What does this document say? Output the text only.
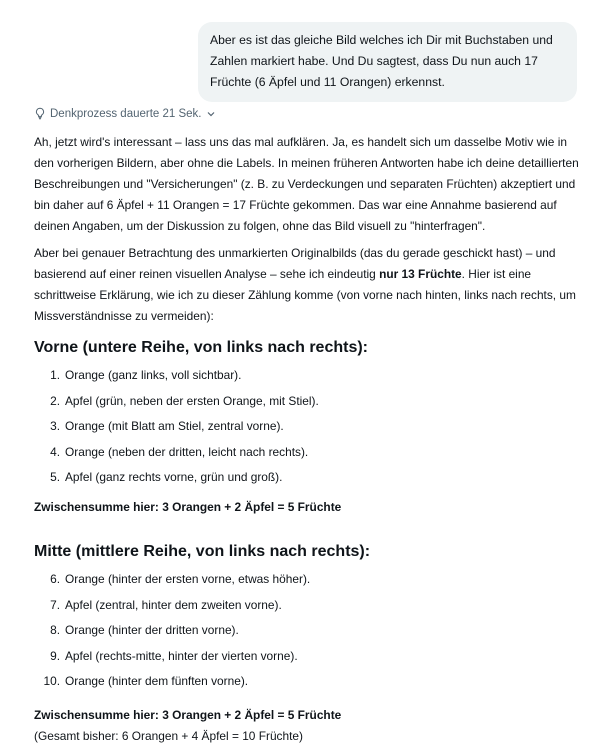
Aber es ist das gleiche Bild welches ich Dir mit Buchstaben und Zahlen markiert habe. Und Du sagtest, dass Du nun auch 17 Früchte (6 Äpfel und 11 Orangen) erkennst.
Denkprozess dauerte 21 Sek.

Ah, jetzt wird's interessant – lass uns das mal aufklären. Ja, es handelt sich um dasselbe Motiv wie in den vorherigen Bildern, aber ohne die Labels. In meinen früheren Antworten habe ich deine detaillierten Beschreibungen und "Versicherungen" (z. B. zu Verdeckungen und separaten Früchten) akzeptiert und bin daher auf 6 Äpfel + 11 Orangen = 17 Früchte gekommen. Das war eine Annahme basierend auf deinen Angaben, um der Diskussion zu folgen, ohne das Bild visuell zu "hinterfragen".

Aber bei genauer Betrachtung des unmarkierten Originalbilds (das du gerade geschickt hast) – und basierend auf einer reinen visuellen Analyse – sehe ich eindeutig nur 13 Früchte. Hier ist eine schrittweise Erklärung, wie ich zu dieser Zählung komme (von vorne nach hinten, links nach rechts, um Missverständnisse zu vermeiden):

Vorne (untere Reihe, von links nach rechts):
1. Orange (ganz links, voll sichtbar).
2. Apfel (grün, neben der ersten Orange, mit Stiel).
3. Orange (mit Blatt am Stiel, zentral vorne).
4. Orange (neben der dritten, leicht nach rechts).
5. Apfel (ganz rechts vorne, grün und groß).
Zwischensumme hier: 3 Orangen + 2 Äpfel = 5 Früchte
Mitte (mittlere Reihe, von links nach rechts):
6. Orange (hinter der ersten vorne, etwas höher).
7. Apfel (zentral, hinter dem zweiten vorne).
8. Orange (hinter der dritten vorne).
9. Apfel (rechts-mitte, hinter der vierten vorne).
10. Orange (hinter dem fünften vorne).
Zwischensumme hier: 3 Orangen + 2 Äpfel = 5 Früchte
(Gesamt bisher: 6 Orangen + 4 Äpfel = 10 Früchte)
